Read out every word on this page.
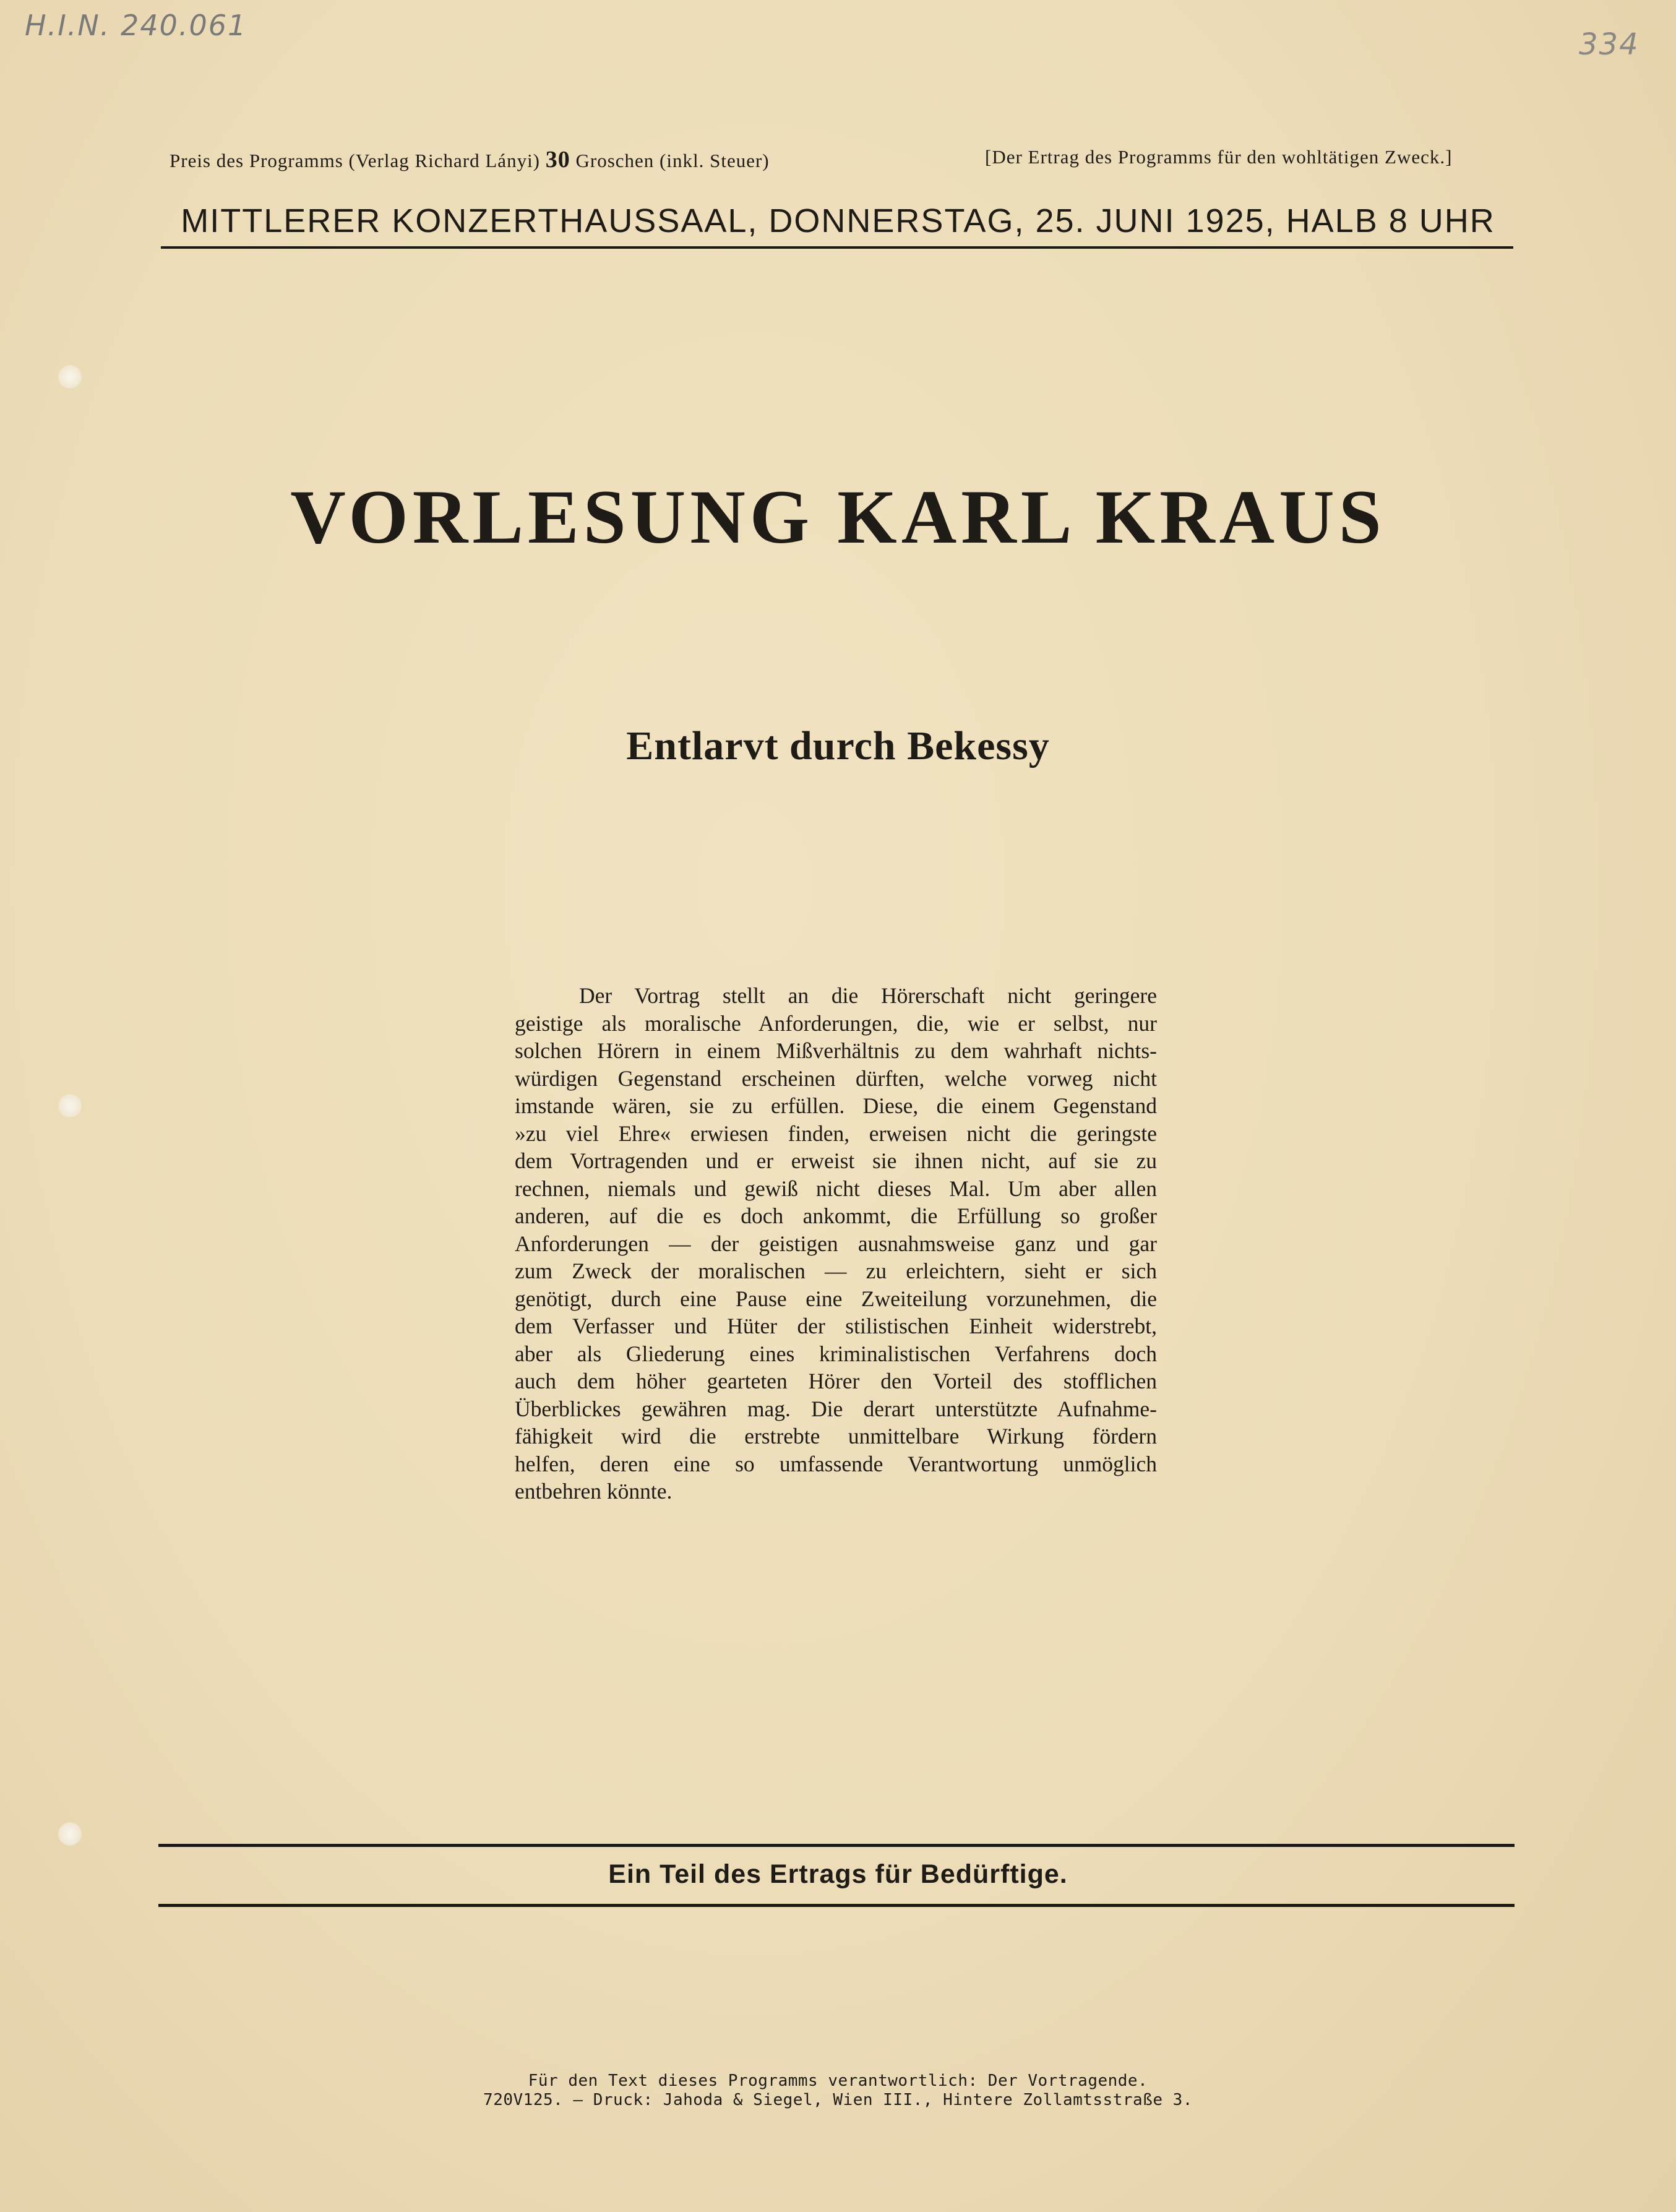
H.I.N. 240.061
334
Preis des Programms (Verlag Richard Lányi) 30 Groschen (inkl. Steuer)	[Der Ertrag des Programms für den wohltätigen Zweck.]
MITTLERER KONZERTHAUSSAAL, DONNERSTAG, 25. JUNI 1925, HALB 8 UHR
VORLESUNG KARL KRAUS
Entlarvt durch Bekessy
Der Vortrag stellt an die Hörerschaft nicht geringere
geistige als moralische Anforderungen, die, wie er selbst, nur
solchen Hörern in einem Mißverhältnis zu dem wahrhaft nichts-
würdigen Gegenstand erscheinen dürften, welche vorweg nicht
imstande wären, sie zu erfüllen. Diese, die einem Gegenstand
»zu viel Ehre« erwiesen finden, erweisen nicht die geringste
dem Vortragenden und er erweist sie ihnen nicht, auf sie zu
rechnen, niemals und gewiß nicht dieses Mal. Um aber allen
anderen, auf die es doch ankommt, die Erfüllung so großer
Anforderungen — der geistigen ausnahmsweise ganz und gar
zum Zweck der moralischen — zu erleichtern, sieht er sich
genötigt, durch eine Pause eine Zweiteilung vorzunehmen, die
dem Verfasser und Hüter der stilistischen Einheit widerstrebt,
aber als Gliederung eines kriminalistischen Verfahrens doch
auch dem höher gearteten Hörer den Vorteil des stofflichen
Überblickes gewähren mag. Die derart unterstützte Aufnahme-
fähigkeit wird die erstrebte unmittelbare Wirkung fördern
helfen, deren eine so umfassende Verantwortung unmöglich
entbehren könnte.
Ein Teil des Ertrags für Bedürftige.
Für den Text dieses Programms verantwortlich: Der Vortragende.
720V125. — Druck: Jahoda & Siegel, Wien III., Hintere Zollamtsstraße 3.
